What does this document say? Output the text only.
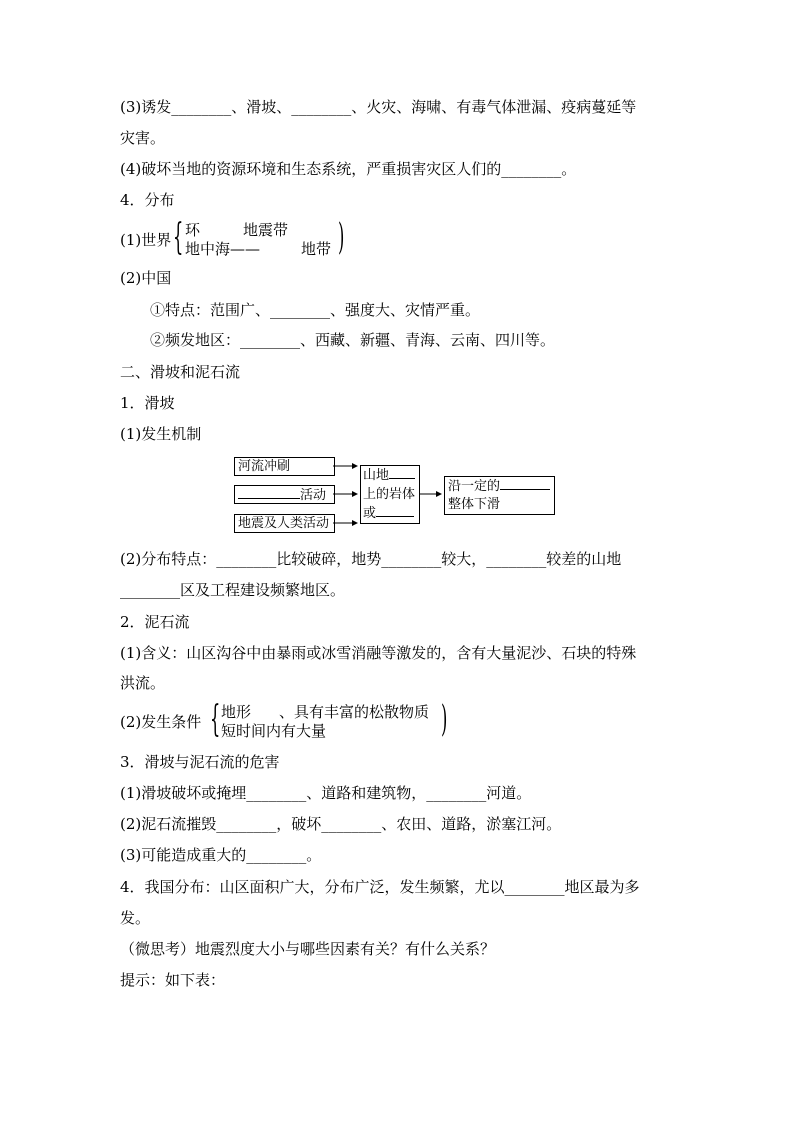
(3)诱发________、滑坡、________、火灾、海啸、有毒气体泄漏、疫病蔓延等
灾害。
(4)破坏当地的资源环境和生态系统，严重损害灾区人们的________。
4．分布
(1)世界 { 环	地震带
地中海——	地带 )
(2)中国
①特点：范围广、________、强度大、灾情严重。
②频发地区：________、西藏、新疆、青海、云南、四川等。
二、滑坡和泥石流
1．滑坡
(1)发生机制
河流冲刷
活动
地震及人类活动
山地
上的岩体
或
沿一定的
整体下滑
(2)分布特点：________比较破碎，地势________较大，________较差的山地
________区及工程建设频繁地区。
2．泥石流
(1)含义：山区沟谷中由暴雨或冰雪消融等激发的，含有大量泥沙、石块的特殊
洪流。
(2)发生条件 { 地形 、具有丰富的松散物质
短时间内有大量	)
3．滑坡与泥石流的危害
(1)滑坡破坏或掩埋________、道路和建筑物，________河道。
(2)泥石流摧毁________，破坏________、农田、道路，淤塞江河。
(3)可能造成重大的________。
4．我国分布：山区面积广大，分布广泛，发生频繁，尤以________地区最为多
发。
（微思考）地震烈度大小与哪些因素有关？有什么关系？
提示：如下表：
